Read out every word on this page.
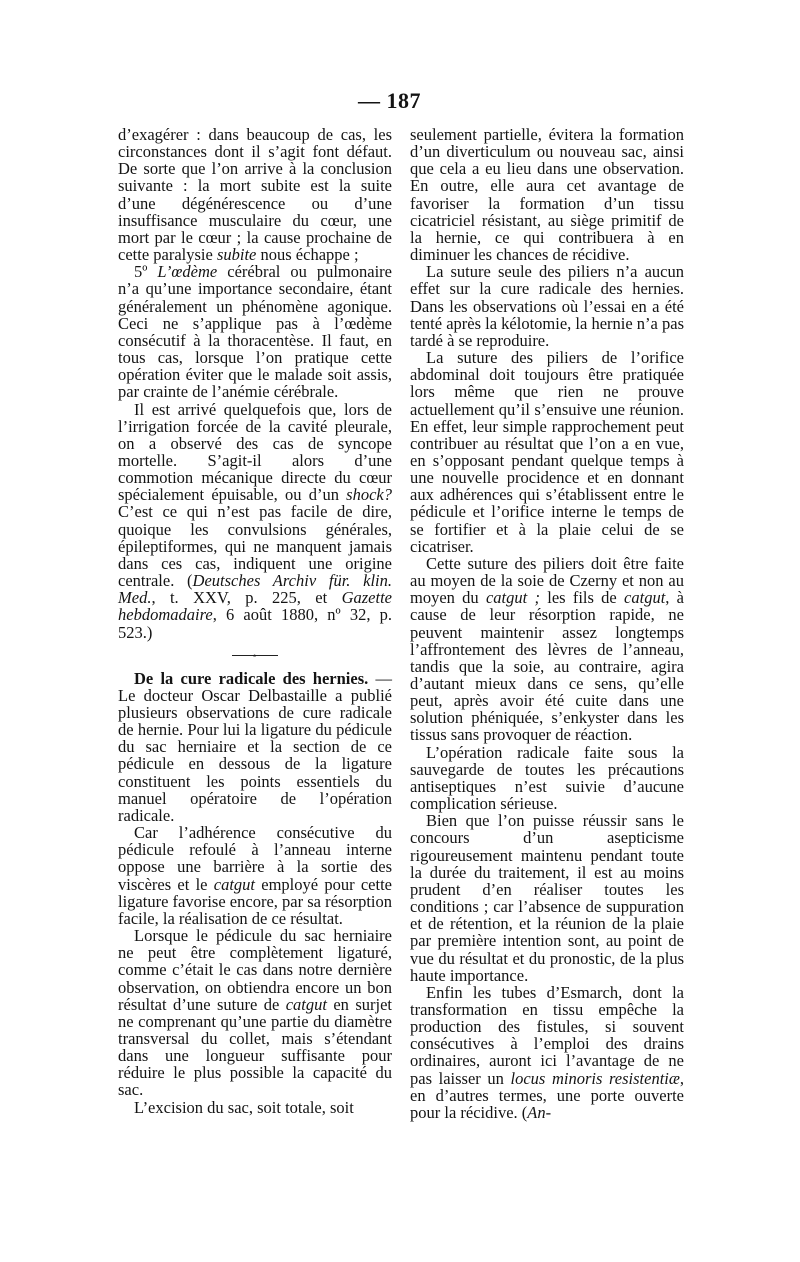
— 187

d’exagérer : dans beaucoup de cas, les circonstances dont il s’agit font défaut. De sorte que l’on arrive à la conclusion suivante : la mort subite est la suite d’une dégénérescence ou d’une insuffisance musculaire du cœur, une mort par le cœur ; la cause prochaine de cette paralysie subite nous échappe ;

5º L’œdème cérébral ou pulmonaire n’a qu’une importance secondaire, étant généralement un phénomène agonique. Ceci ne s’applique pas à l’œdème consécutif à la thoracentèse. Il faut, en tous cas, lorsque l’on pratique cette opération éviter que le malade soit assis, par crainte de l’anémie cérébrale.

Il est arrivé quelquefois que, lors de l’irrigation forcée de la cavité pleurale, on a observé des cas de syncope mortelle. S’agit-il alors d’une commotion mécanique directe du cœur spécialement épuisable, ou d’un shock? C’est ce qui n’est pas facile de dire, quoique les convulsions générales, épileptiformes, qui ne manquent jamais dans ces cas, indiquent une origine centrale. (Deutsches Archiv für. klin. Med., t. XXV, p. 225, et Gazette hebdomadaire, 6 août 1880, nº 32, p. 523.)

°

De la cure radicale des hernies. — Le docteur Oscar Delbastaille a publié plusieurs observations de cure radicale de hernie. Pour lui la ligature du pédicule du sac herniaire et la section de ce pédicule en dessous de la ligature constituent les points essentiels du manuel opératoire de l’opération radicale.

Car l’adhérence consécutive du pédicule refoulé à l’anneau interne oppose une barrière à la sortie des viscères et le catgut employé pour cette ligature favorise encore, par sa résorption facile, la réalisation de ce résultat.

Lorsque le pédicule du sac herniaire ne peut être complètement ligaturé, comme c’était le cas dans notre dernière observation, on obtiendra encore un bon résultat d’une suture de catgut en surjet ne comprenant qu’une partie du diamètre transversal du collet, mais s’étendant dans une longueur suffisante pour réduire le plus possible la capacité du sac.

L’excision du sac, soit totale, soit

seulement partielle, évitera la formation d’un diverticulum ou nouveau sac, ainsi que cela a eu lieu dans une observation. En outre, elle aura cet avantage de favoriser la formation d’un tissu cicatriciel résistant, au siège primitif de la hernie, ce qui contribuera à en diminuer les chances de récidive.

La suture seule des piliers n’a aucun effet sur la cure radicale des hernies. Dans les observations où l’essai en a été tenté après la kélotomie, la hernie n’a pas tardé à se reproduire.

La suture des piliers de l’orifice abdominal doit toujours être pratiquée lors même que rien ne prouve actuellement qu’il s’ensuive une réunion. En effet, leur simple rapprochement peut contribuer au résultat que l’on a en vue, en s’opposant pendant quelque temps à une nouvelle procidence et en donnant aux adhérences qui s’établissent entre le pédicule et l’orifice interne le temps de se fortifier et à la plaie celui de se cicatriser.

Cette suture des piliers doit être faite au moyen de la soie de Czerny et non au moyen du catgut ; les fils de catgut, à cause de leur résorption rapide, ne peuvent maintenir assez longtemps l’affrontement des lèvres de l’anneau, tandis que la soie, au contraire, agira d’autant mieux dans ce sens, qu’elle peut, après avoir été cuite dans une solution phéniquée, s’enkyster dans les tissus sans provoquer de réaction.

L’opération radicale faite sous la sauvegarde de toutes les précautions antiseptiques n’est suivie d’aucune complication sérieuse.

Bien que l’on puisse réussir sans le concours d’un asepticisme rigoureusement maintenu pendant toute la durée du traitement, il est au moins prudent d’en réaliser toutes les conditions ; car l’absence de suppuration et de rétention, et la réunion de la plaie par première intention sont, au point de vue du résultat et du pronostic, de la plus haute importance.

Enfin les tubes d’Esmarch, dont la transformation en tissu empêche la production des fistules, si souvent consécutives à l’emploi des drains ordinaires, auront ici l’avantage de ne pas laisser un locus minoris resistentiæ, en d’autres termes, une porte ouverte pour la récidive. (An-
